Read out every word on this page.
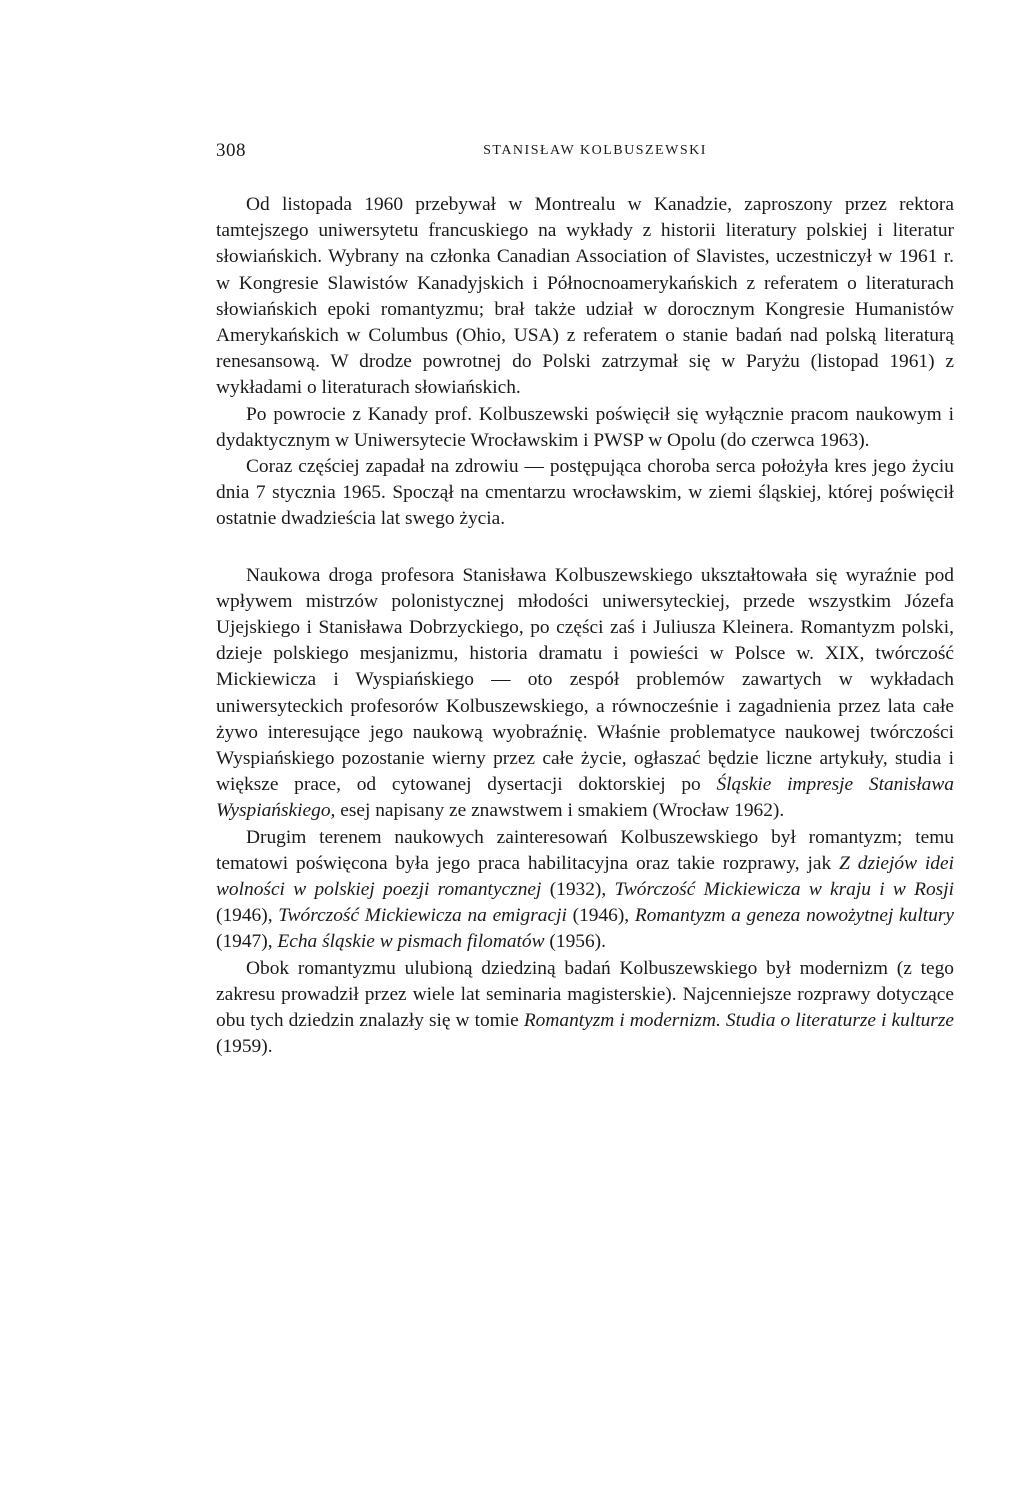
308	STANISŁAW KOLBUSZEWSKI

Od listopada 1960 przebywał w Montrealu w Kanadzie, zaproszony przez rektora tamtejszego uniwersytetu francuskiego na wykłady z historii literatury polskiej i literatur słowiańskich. Wybrany na członka Canadian Association of Slavistes, uczestniczył w 1961 r. w Kongresie Slawistów Kanadyjskich i Północnoamerykańskich z referatem o literaturach słowiańskich epoki romantyzmu; brał także udział w dorocznym Kongresie Humanistów Amerykańskich w Columbus (Ohio, USA) z referatem o stanie badań nad polską literaturą renesansową. W drodze powrotnej do Polski zatrzymał się w Paryżu (listopad 1961) z wykładami o literaturach słowiańskich.

Po powrocie z Kanady prof. Kolbuszewski poświęcił się wyłącznie pracom naukowym i dydaktycznym w Uniwersytecie Wrocławskim i PWSP w Opolu (do czerwca 1963).

Coraz częściej zapadał na zdrowiu — postępująca choroba serca położyła kres jego życiu dnia 7 stycznia 1965. Spoczął na cmentarzu wrocławskim, w ziemi śląskiej, której poświęcił ostatnie dwadzieścia lat swego życia.

Naukowa droga profesora Stanisława Kolbuszewskiego ukształtowała się wyraźnie pod wpływem mistrzów polonistycznej młodości uniwersyteckiej, przede wszystkim Józefa Ujejskiego i Stanisława Dobrzyckiego, po części zaś i Juliusza Kleinera. Romantyzm polski, dzieje polskiego mesjanizmu, historia dramatu i powieści w Polsce w. XIX, twórczość Mickiewicza i Wyspiańskiego — oto zespół problemów zawartych w wykładach uniwersyteckich profesorów Kolbuszewskiego, a równocześnie i zagadnienia przez lata całe żywo interesujące jego naukową wyobraźnię. Właśnie problematyce naukowej twórczości Wyspiańskiego pozostanie wierny przez całe życie, ogłaszać będzie liczne artykuły, studia i większe prace, od cytowanej dysertacji doktorskiej po Śląskie impresje Stanisława Wyspiańskiego, esej napisany ze znawstwem i smakiem (Wrocław 1962).

Drugim terenem naukowych zainteresowań Kolbuszewskiego był romantyzm; temu tematowi poświęcona była jego praca habilitacyjna oraz takie rozprawy, jak Z dziejów idei wolności w polskiej poezji romantycznej (1932), Twórczość Mickiewicza w kraju i w Rosji (1946), Twórczość Mickiewicza na emigracji (1946), Romantyzm a geneza nowożytnej kultury (1947), Echa śląskie w pismach filomatów (1956).

Obok romantyzmu ulubioną dziedziną badań Kolbuszewskiego był modernizm (z tego zakresu prowadził przez wiele lat seminaria magisterskie). Najcenniejsze rozprawy dotyczące obu tych dziedzin znalazły się w tomie Romantyzm i modernizm. Studia o literaturze i kulturze (1959).
